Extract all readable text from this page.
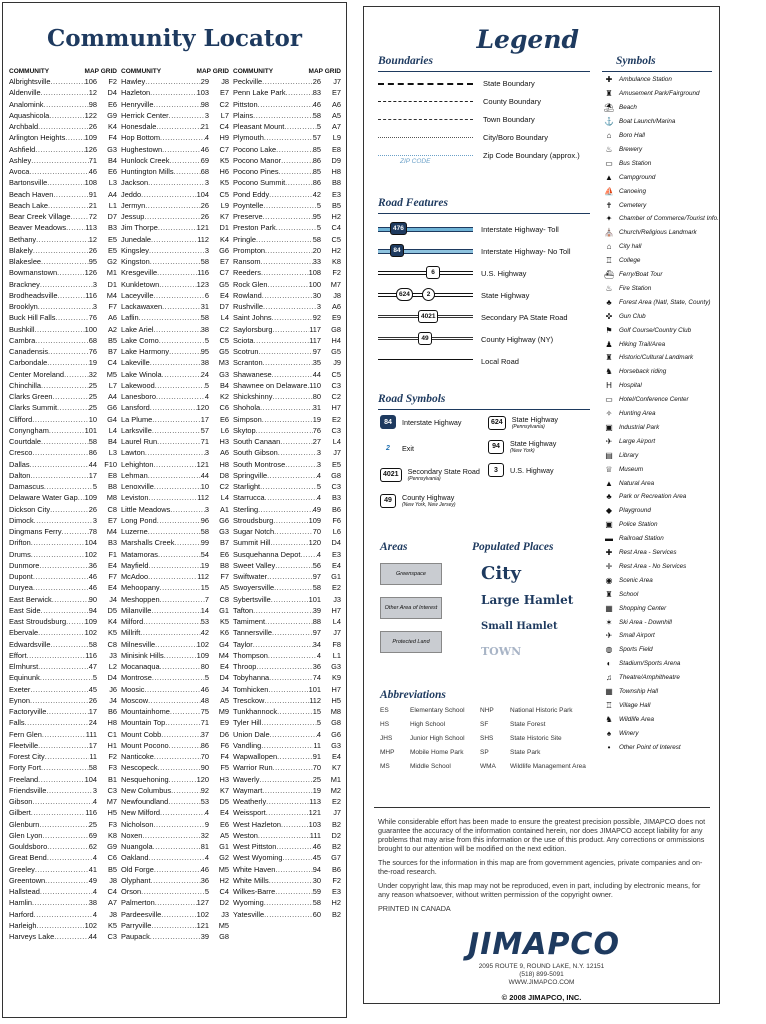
Community Locator
COMMUNITY	MAP GRID
Albrightsville .....	106	F2
Aldenville .....	12	D4
Analomink .....	98	E6
Aquashicola .....	122	G9
Archbald .....	26	K4
Arlington Heights .....	109	F4
Ashfield .....	126	G3
Ashley .....	71	B4
Avoca .....	46	E6
Bartonsville .....	108	L3
Beach Haven .....	91	A4
Beach Lake .....	21	L1
Bear Creek Village ..... 72	D7
Beaver Meadows .....	113	B3
Bethany .....	12	E5
Blakely .....	26	E5
Blakeslee .....	95	G2
Bowmanstown .....	126	M1
Brackney .....	3	D1
Brodheadsville .....	116	M4
Brooklyn .....	3	F7
Buck Hill Falls .....	76	A6
Bushkill .....	100	A2
Cambra .....	68	B5
Canadensis .....	76	B7
Carbondale .....	19	C4
Center Moreland .....	32	M5
Chinchilla .....	25	L7
Clarks Green .....	25	A4
Clarks Summit .....	25	G6
Clifford .....	10	G4
Conyngham .....	101	L4
Courtdale .....	58	B4
Cresco .....	86	L3
Dallas .....	44 F10
Dalton .....	17	E8
Damascus .....	5	B8
Delaware Water Gap ..... 109	M8
Dickson City .....	26	C8
Dimock .....	3	E7
Dingmans Ferry .....	78	M4
Drifton .....	104	B3
Drums .....	102	F1
Dunmore .....	36	E4
Dupont .....	46	F7
Duryea .....	46	E4
East Berwick .....	90	J4
East Side .....	94	D5
East Stroudsburg .....	109	K4
Ebervale .....	102	K5
Edwardsville .....	58	C8
Effort .....	116	J3
Elmhurst .....	47	L2
Equinunk .....	5	D4
Exeter .....	45	J6
Eynon .....	26	J4
Factoryville .....	17	B6
Falls .....	24	H8
Fern Glen .....	111	C1
Fleetville .....	17	H1
Forest City .....	11	F2
Forty Fort .....	58	F3
Freeland .....	104	B1
Friendsville .....	3	C3
Gibson .....	4	M7
Gilbert .....	116	H5
Glenburn .....	25	F3
Glen Lyon .....	69	K8
Gouldsboro .....	62	G9
Great Bend .....	4	C6
Greeley .....	41	B5
Greentown .....	49	J8
Hallstead .....	4	C4
Hamlin .....	38	A7
Harford .....	4	J8
Harleigh .....	102	K5
Harveys Lake .....	44	C3
COMMUNITY	MAP GRID
Hawley .....	29	J8
Hazleton .....	103	E7
Henryville .....	98	C2
Herrick Center .....	3	L7
Honesdale .....	21	C4
Hop Bottom .....	4	H9
Hughestown .....	46	C7
Hunlock Creek .....	69	K5
Huntington Mills .....	68	H6
Jackson .....	3	K5
Jeddo .....	104	C5
Jermyn .....	26	L9
Jessup .....	26	K7
Jim Thorpe .....	121	D1
Junedale .....	112	K4
Kingsley .....	3	G6
Kingston .....	58	E7
Kresgeville .....	116	C7
Kunkletown .....	123	G5
Laceyville .....	6	E4
Lackawaxen .....	31	D7
Laflin .....	58	L4
Lake Ariel .....	38	C2
Lake Como .....	5	C5
Lake Harmony .....	95	G5
Lakeville .....	38	M3
Lake Winola .....	24	G3
Lakewood .....	5	B4
Lanesboro .....	4	K2
Lansford .....	120	C6
La Plume .....	17	E6
Larksville .....	57	L6
Laurel Run .....	71	H3
Lawton .....	3	A6
Lehighton .....	121	H8
Lehman .....	44	D8
Lenoxville .....	10	C2
Leviston .....	112	L4
Little Meadows .....	3	A1
Long Pond .....	96	G6
Luzerne .....	58	G3
Marshalls Creek .....	99	B7
Matamoras .....	54	E6
Mayfield .....	19	B8
McAdoo .....	112	F7
Mehoopany .....	15	A5
Meshoppen .....	7	C8
Milanville .....	14	G1
Milford .....	53	K5
Millrift .....	42	K6
Milnesville .....	102	G4
Minisink Hills .....	109	M4
Mocanaqua .....	80	E4
Montrose .....	5	D4
Moosic .....	46	J4
Moscow .....	48	A5
Mountainhome .....	75	M9
Mountain Top .....	71	E9
Mount Cobb .....	37	D6
Mount Pocono .....	86	F6
Nanticoke .....	70	F4
Nescopeck .....	90	F5
Nesquehoning .....	120	H3
New Columbus .....	92	K7
Newfoundland .....	53	D5
New Milford .....	4	E4
Nicholson .....	9	E6
Noxen .....	32	A5
Nuangola .....	81	G1
Oakland .....	4	G2
Old Forge .....	46	M5
Olyphant .....	36	H2
Orson .....	5	C4
Palmerton .....	127	D2
Pardeesville .....	102	J3
Parryville .....	121	M5
Paupack .....	39	G8
COMMUNITY	MAP GRID
Peckville .....	26	J7
Penn Lake Park .....	83	E7
Pittston .....	46	A6
Plains .....	58	A5
Pleasant Mount .....	5	A7
Plymouth .....	57	L9
Pocono Lake .....	85	E8
Pocono Manor .....	86	D9
Pocono Pines .....	85	H8
Pocono Summit .....	86	B8
Pond Eddy .....	42	E3
Poyntelle .....	5	B5
Preserve .....	95	H2
Preston Park .....	5	C4
Pringle .....	58	C5
Prompton .....	20	H2
Ransom .....	33	K8
Reeders .....	108	F2
Rock Glen .....	100	M7
Rowland .....	30	J8
Rushville .....	3	A6
Saint Johns .....	92	E9
Saylorsburg .....	117	G8
Sciota .....	117	H4
Scotrun .....	97	G5
Scranton .....	35	J9
Shawanese .....	44	C5
Shawnee on Delaware ..... 110	C3
Shickshinny .....	80	C2
Shohola .....	31	H7
Simpson .....	19	E2
Skytop .....	76	C3
South Canaan .....	27	L4
South Gibson .....	3	J7
South Montrose .....	3	E5
Springville .....	4	G8
Starlight .....	5	C3
Starrucca .....	4	B3
Sterling .....	49	B6
Stroudsburg .....	109	F6
Sugar Notch .....	70	L6
Summit Hill .....	120	D4
Susquehanna Depot ..... 4	E3
Sweet Valley .....	56	E4
Swiftwater .....	97	G1
Swoyersville .....	58	E2
Sybertsville .....	101	J3
Tafton .....	39	H7
Tamiment .....	88	L4
Tannersville .....	97	J7
Taylor .....	34	F8
Thompson .....	4	L1
Throop .....	36	G3
Tobyhanna .....	74	K9
Tomhicken .....	101	H7
Tresckow .....	112	H5
Tunkhannock .....	15	M8
Tyler Hill .....	5	G8
Union Dale .....	4	G6
Vandling .....	11	G3
Wapwallopen .....	91	E4
Warrior Run .....	70	K7
Waverly .....	25	M1
Waymart .....	19	M2
Weatherly .....	113	E2
Weissport .....	121	J7
West Hazleton .....	103	B2
Weston .....	111	D2
West Pittston .....	46	B2
West Wyoming .....	45	G7
White Haven .....	94	B6
White Mills .....	30	F2
Wilkes-Barre .....	59	E3
Wyoming .....	58	H2
Yatesville .....	60	B2
Legend
Boundaries
State Boundary
County Boundary
Town Boundary
City/Boro Boundary
ZIP CODE
Zip Code Boundary (approx.)
Road Features
476	Interstate Highway- Toll
84	Interstate Highway- No Toll
6	U.S. Highway
624	2	State Highway
4021	Secondary PA State Road
49	County Highway (NY)
Local Road
Road Symbols
84	Interstate Highway
2	Exit
4021	Secondary State Road
(Pennsylvania)
49	County Highway
(New York, New Jersey)
624	State Highway
(Pennsylvania)
94	State Highway
(New York)
3	U.S. Highway
Areas
Greenspace
Other Area of Interest
Protected Land
Populated Places
City
Large Hamlet
Small Hamlet
TOWN
Abbreviations
ES	Elementary School
HS	High School
JHS	Junior High School
MHP	Mobile Home Park
MS	Middle School
NHP	National Historic Park
SF	State Forest
SHS	State Historic Site
SP	State Park
WMA	Wildlife Management Area
Symbols
✚	Ambulance Station
♜	Amusement Park/Fairground
⛱ Beach
⚓ Boat Launch/Marina
⌂	Boro Hall
♨	Brewery
▭ Bus Station
▲ Campground
⛵ Canoeing
✝	Cemetery
✦	Chamber of Commerce/Tourist Info.
⛪ Church/Religious Landmark
⌂	City hall
♖	College
⛴ Ferry/Boat Tour
♨	Fire Station
♣	Forest Area (Natl, State, County)
✜	Gun Club
⚑	Golf Course/Country Club
♟	Hiking Trail/Area
♜	Historic/Cultural Landmark
♞	Horseback riding
H	Hospital
▭ Hotel/Conference Center
✧	Hunting Area
▣ Industrial Park
✈	Large Airport
▤ Library
♕	Museum
▲ Natural Area
♣	Park or Recreation Area
◆	Playground
▣ Police Station
▬ Railroad Station
✚	Rest Area - Services
✛	Rest Area - No Services
◉	Scenic Area
♜	School
▦ Shopping Center
✶	Ski Area - Downhill
✈	Small Airport
◍	Sports Field
◐	Stadium/Sports Arena
♫	Theatre/Amphitheatre
▦ Township Hall
♖	Village Hall
♞	Wildlife Area
♠	Winery
•	Other Point of Interest

While considerable effort has been made to ensure the greatest precision possible, JIMAPCO does not guarantee the accuracy of the information contained herein, nor does JIMAPCO accept liability for any problems that may arise from this information or the use of this product. Any corrections or ommissions brought to our attention will be modified on the next edition.

The sources for the information in this map are from government agencies, private companies and on-the-road research.

Under copyright law, this map may not be reproduced, even in part, including by electronic means, for any reason whatsoever, without written permission of the copyright owner.

PRINTED IN CANADA

JIMAPCO
2095 ROUTE 9, ROUND LAKE, N.Y. 12151
(518) 899-5091
WWW.JIMAPCO.COM
© 2008 JIMAPCO, INC.
